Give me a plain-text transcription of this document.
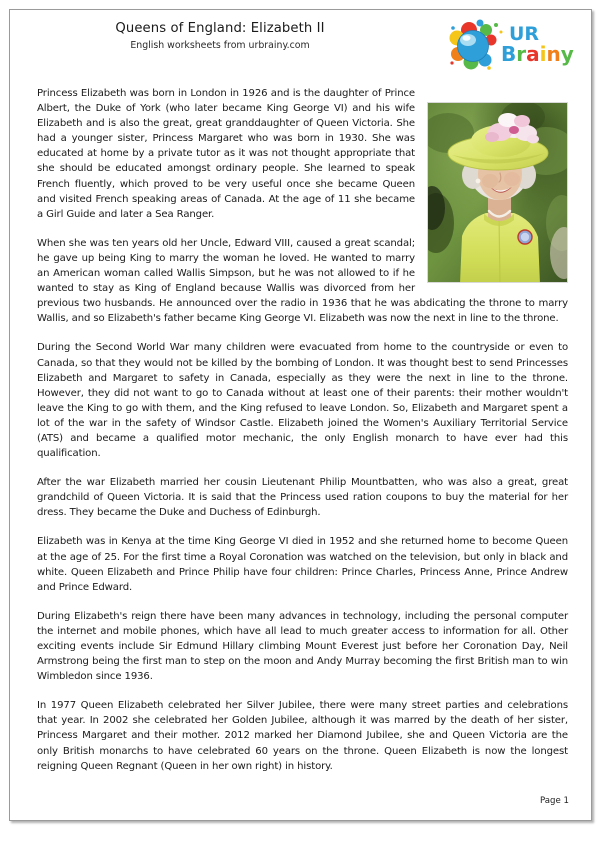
Queens of England: Elizabeth II
English worksheets from urbrainy.com
UR
Brainy

Princess Elizabeth was born in London in 1926 and is the daughter of Prince Albert, the Duke of York (who later became King George VI) and his wife Elizabeth and is also the great, great granddaughter of Queen Victoria. She had a younger sister, Princess Margaret who was born in 1930. She was educated at home by a private tutor as it was not thought appropriate that she should be educated amongst ordinary people. She learned to speak French fluently, which proved to be very useful once she became Queen and visited French speaking areas of Canada. At the age of 11 she became a Girl Guide and later a Sea Ranger.

When she was ten years old her Uncle, Edward VIII, caused a great scandal; he gave up being King to marry the woman he loved. He wanted to marry an American woman called Wallis Simpson, but he was not allowed to if he wanted to stay as King of England because Wallis was divorced from her previous two husbands. He announced over the radio in 1936 that he was abdicating the throne to marry Wallis, and so Elizabeth's father became King George VI. Elizabeth was now the next in line to the throne.

During the Second World War many children were evacuated from home to the countryside or even to Canada, so that they would not be killed by the bombing of London. It was thought best to send Princesses Elizabeth and Margaret to safety in Canada, especially as they were the next in line to the throne. However, they did not want to go to Canada without at least one of their parents: their mother wouldn't leave the King to go with them, and the King refused to leave London. So, Elizabeth and Margaret spent a lot of the war in the safety of Windsor Castle. Elizabeth joined the Women's Auxiliary Territorial Service (ATS) and became a qualified motor mechanic, the only English monarch to have ever had this qualification.

After the war Elizabeth married her cousin Lieutenant Philip Mountbatten, who was also a great, great grandchild of Queen Victoria. It is said that the Princess used ration coupons to buy the material for her dress. They became the Duke and Duchess of Edinburgh.

Elizabeth was in Kenya at the time King George VI died in 1952 and she returned home to become Queen at the age of 25. For the first time a Royal Coronation was watched on the television, but only in black and white. Queen Elizabeth and Prince Philip have four children: Prince Charles, Princess Anne, Prince Andrew and Prince Edward.

During Elizabeth's reign there have been many advances in technology, including the personal computer the internet and mobile phones, which have all lead to much greater access to information for all. Other exciting events include Sir Edmund Hillary climbing Mount Everest just before her Coronation Day, Neil Armstrong being the first man to step on the moon and Andy Murray becoming the first British man to win Wimbledon since 1936.

In 1977 Queen Elizabeth celebrated her Silver Jubilee, there were many street parties and celebrations that year. In 2002 she celebrated her Golden Jubilee, although it was marred by the death of her sister, Princess Margaret and their mother. 2012 marked her Diamond Jubilee, she and Queen Victoria are the only British monarchs to have celebrated 60 years on the throne. Queen Elizabeth is now the longest reigning Queen Regnant (Queen in her own right) in history.

Page 1
